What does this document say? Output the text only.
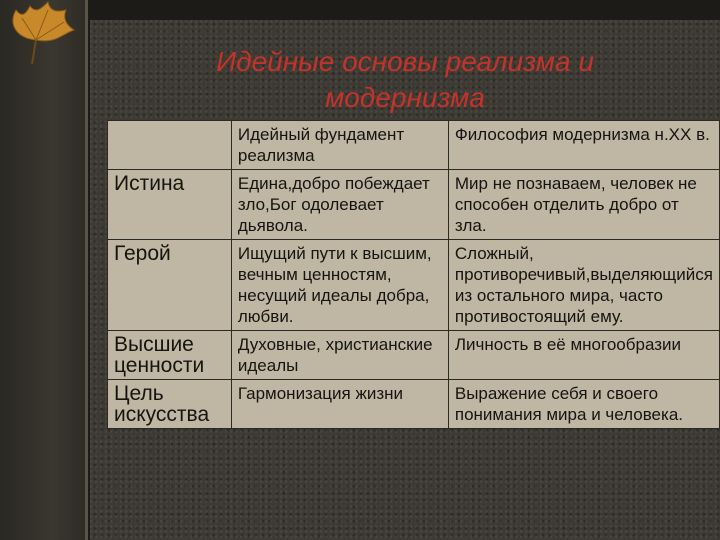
Идейные основы реализма и
модернизма
	Идейный фундамент реализма	Философия модернизма н.XX в.
Истина	Едина,добро побеждает зло,Бог одолевает дьявола.	Мир не познаваем, человек не способен отделить добро от зла.
Герой	Ищущий пути к высшим, вечным ценностям, несущий идеалы добра, любви.	Сложный, противоречивый,выделяющийся из остального мира, часто противостоящий ему.
Высшие ценности	Духовные, христианские идеалы	Личность в её многообразии
Цель искусства	Гармонизация жизни	Выражение себя и своего понимания мира и человека.
